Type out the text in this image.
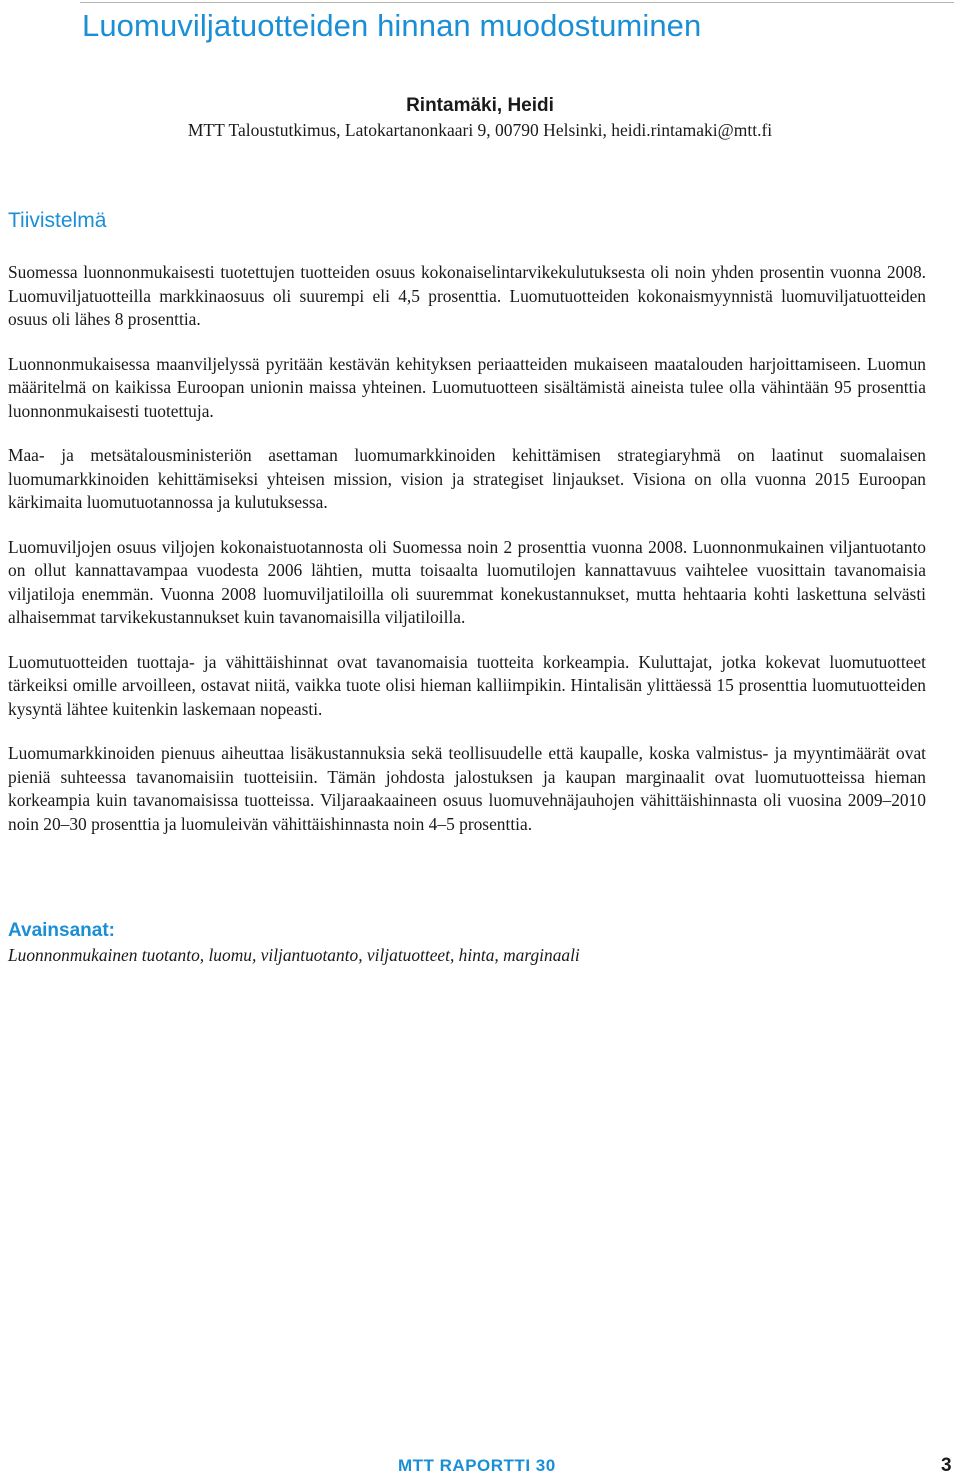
Luomuviljatuotteiden hinnan muodostuminen
Rintamäki, Heidi
MTT Taloustutkimus, Latokartanonkaari 9, 00790 Helsinki, heidi.rintamaki@mtt.fi
Tiivistelmä

Suomessa luonnonmukaisesti tuotettujen tuotteiden osuus kokonaiselintarvikekulutuksesta oli noin yhden prosentin vuonna 2008. Luomuviljatuotteilla markkinaosuus oli suurempi eli 4,5 prosenttia. Luomutuotteiden kokonaismyynnistä luomuviljatuotteiden osuus oli lähes 8 prosenttia.

Luonnonmukaisessa maanviljelyssä pyritään kestävän kehityksen periaatteiden mukaiseen maatalouden harjoittamiseen. Luomun määritelmä on kaikissa Euroopan unionin maissa yhteinen. Luomutuotteen sisältämistä aineista tulee olla vähintään 95 prosenttia luonnonmukaisesti tuotettuja.

Maa- ja metsätalousministeriön asettaman luomumarkkinoiden kehittämisen strategiaryhmä on laatinut suomalaisen luomumarkkinoiden kehittämiseksi yhteisen mission, vision ja strategiset linjaukset. Visiona on olla vuonna 2015 Euroopan kärkimaita luomutuotannossa ja kulutuksessa.

Luomuviljojen osuus viljojen kokonaistuotannosta oli Suomessa noin 2 prosenttia vuonna 2008. Luonnonmukainen viljantuotanto on ollut kannattavampaa vuodesta 2006 lähtien, mutta toisaalta luomutilojen kannattavuus vaihtelee vuosittain tavanomaisia viljatiloja enemmän. Vuonna 2008 luomuviljatiloilla oli suuremmat konekustannukset, mutta hehtaaria kohti laskettuna selvästi alhaisemmat tarvikekustannukset kuin tavanomaisilla viljatiloilla.

Luomutuotteiden tuottaja- ja vähittäishinnat ovat tavanomaisia tuotteita korkeampia. Kuluttajat, jotka kokevat luomutuotteet tärkeiksi omille arvoilleen, ostavat niitä, vaikka tuote olisi hieman kalliimpikin. Hintalisän ylittäessä 15 prosenttia luomutuotteiden kysyntä lähtee kuitenkin laskemaan nopeasti.

Luomumarkkinoiden pienuus aiheuttaa lisäkustannuksia sekä teollisuudelle että kaupalle, koska valmistus- ja myyntimäärät ovat pieniä suhteessa tavanomaisiin tuotteisiin. Tämän johdosta jalostuksen ja kaupan marginaalit ovat luomutuotteissa hieman korkeampia kuin tavanomaisissa tuotteissa. Viljaraakaaineen osuus luomuvehnäjauhojen vähittäishinnasta oli vuosina 2009–2010 noin 20–30 prosenttia ja luomuleivän vähittäishinnasta noin 4–5 prosenttia.

Avainsanat:

Luonnonmukainen tuotanto, luomu, viljantuotanto, viljatuotteet, hinta, marginaali

MTT RAPORTTI 30	3
